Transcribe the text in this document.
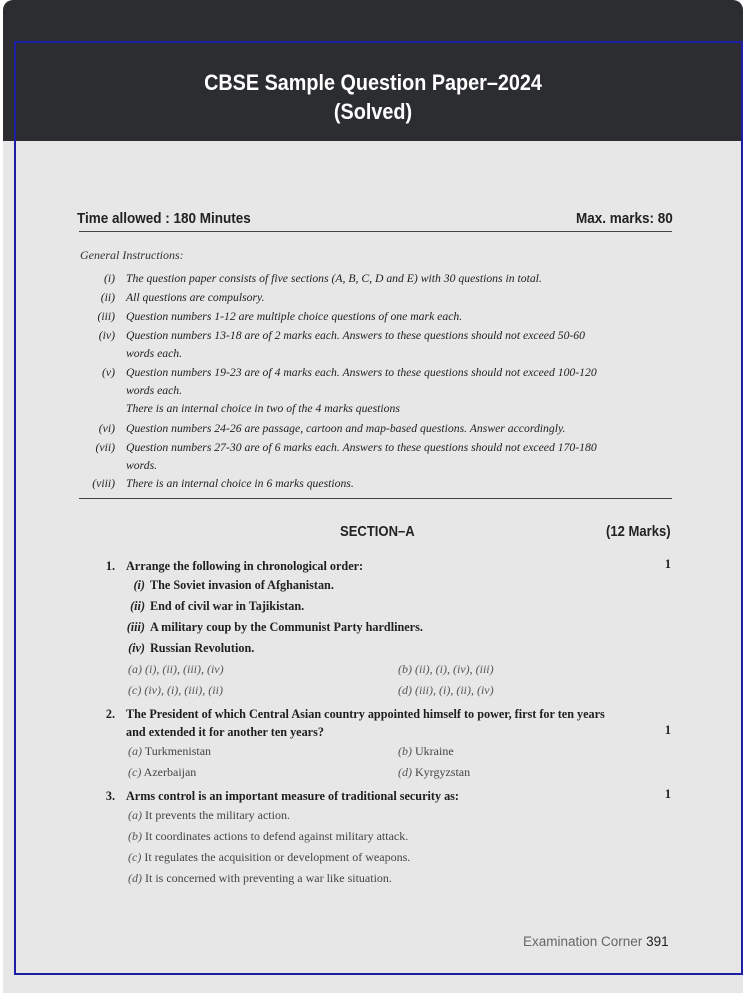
CBSE Sample Question Paper–2024
(Solved)
Time allowed : 180 Minutes	Max. marks: 80
General Instructions:
(i) The question paper consists of five sections (A, B, C, D and E) with 30 questions in total.
(ii) All questions are compulsory.
(iii) Question numbers 1-12 are multiple choice questions of one mark each.
(iv) Question numbers 13-18 are of 2 marks each. Answers to these questions should not exceed 50-60
words each.
(v) Question numbers 19-23 are of 4 marks each. Answers to these questions should not exceed 100-120
words each.
There is an internal choice in two of the 4 marks questions
(vi) Question numbers 24-26 are passage, cartoon and map-based questions. Answer accordingly.
(vii) Question numbers 27-30 are of 6 marks each. Answers to these questions should not exceed 170-180
words.
(viii) There is an internal choice in 6 marks questions.
SECTION–A	(12 Marks)
1. Arrange the following in chronological order:	1
(i) The Soviet invasion of Afghanistan.
(ii) End of civil war in Tajikistan.
(iii) A military coup by the Communist Party hardliners.
(iv) Russian Revolution.
(a) (i), (ii), (iii), (iv)	(b) (ii), (i), (iv), (iii)
(c) (iv), (i), (iii), (ii)	(d) (iii), (i), (ii), (iv)
2. The President of which Central Asian country appointed himself to power, first for ten years
and extended it for another ten years?	1
(a) Turkmenistan	(b) Ukraine
(c) Azerbaijan	(d) Kyrgyzstan
3. Arms control is an important measure of traditional security as:	1
(a) It prevents the military action.
(b) It coordinates actions to defend against military attack.
(c) It regulates the acquisition or development of weapons.
(d) It is concerned with preventing a war like situation.
Examination Corner 391
